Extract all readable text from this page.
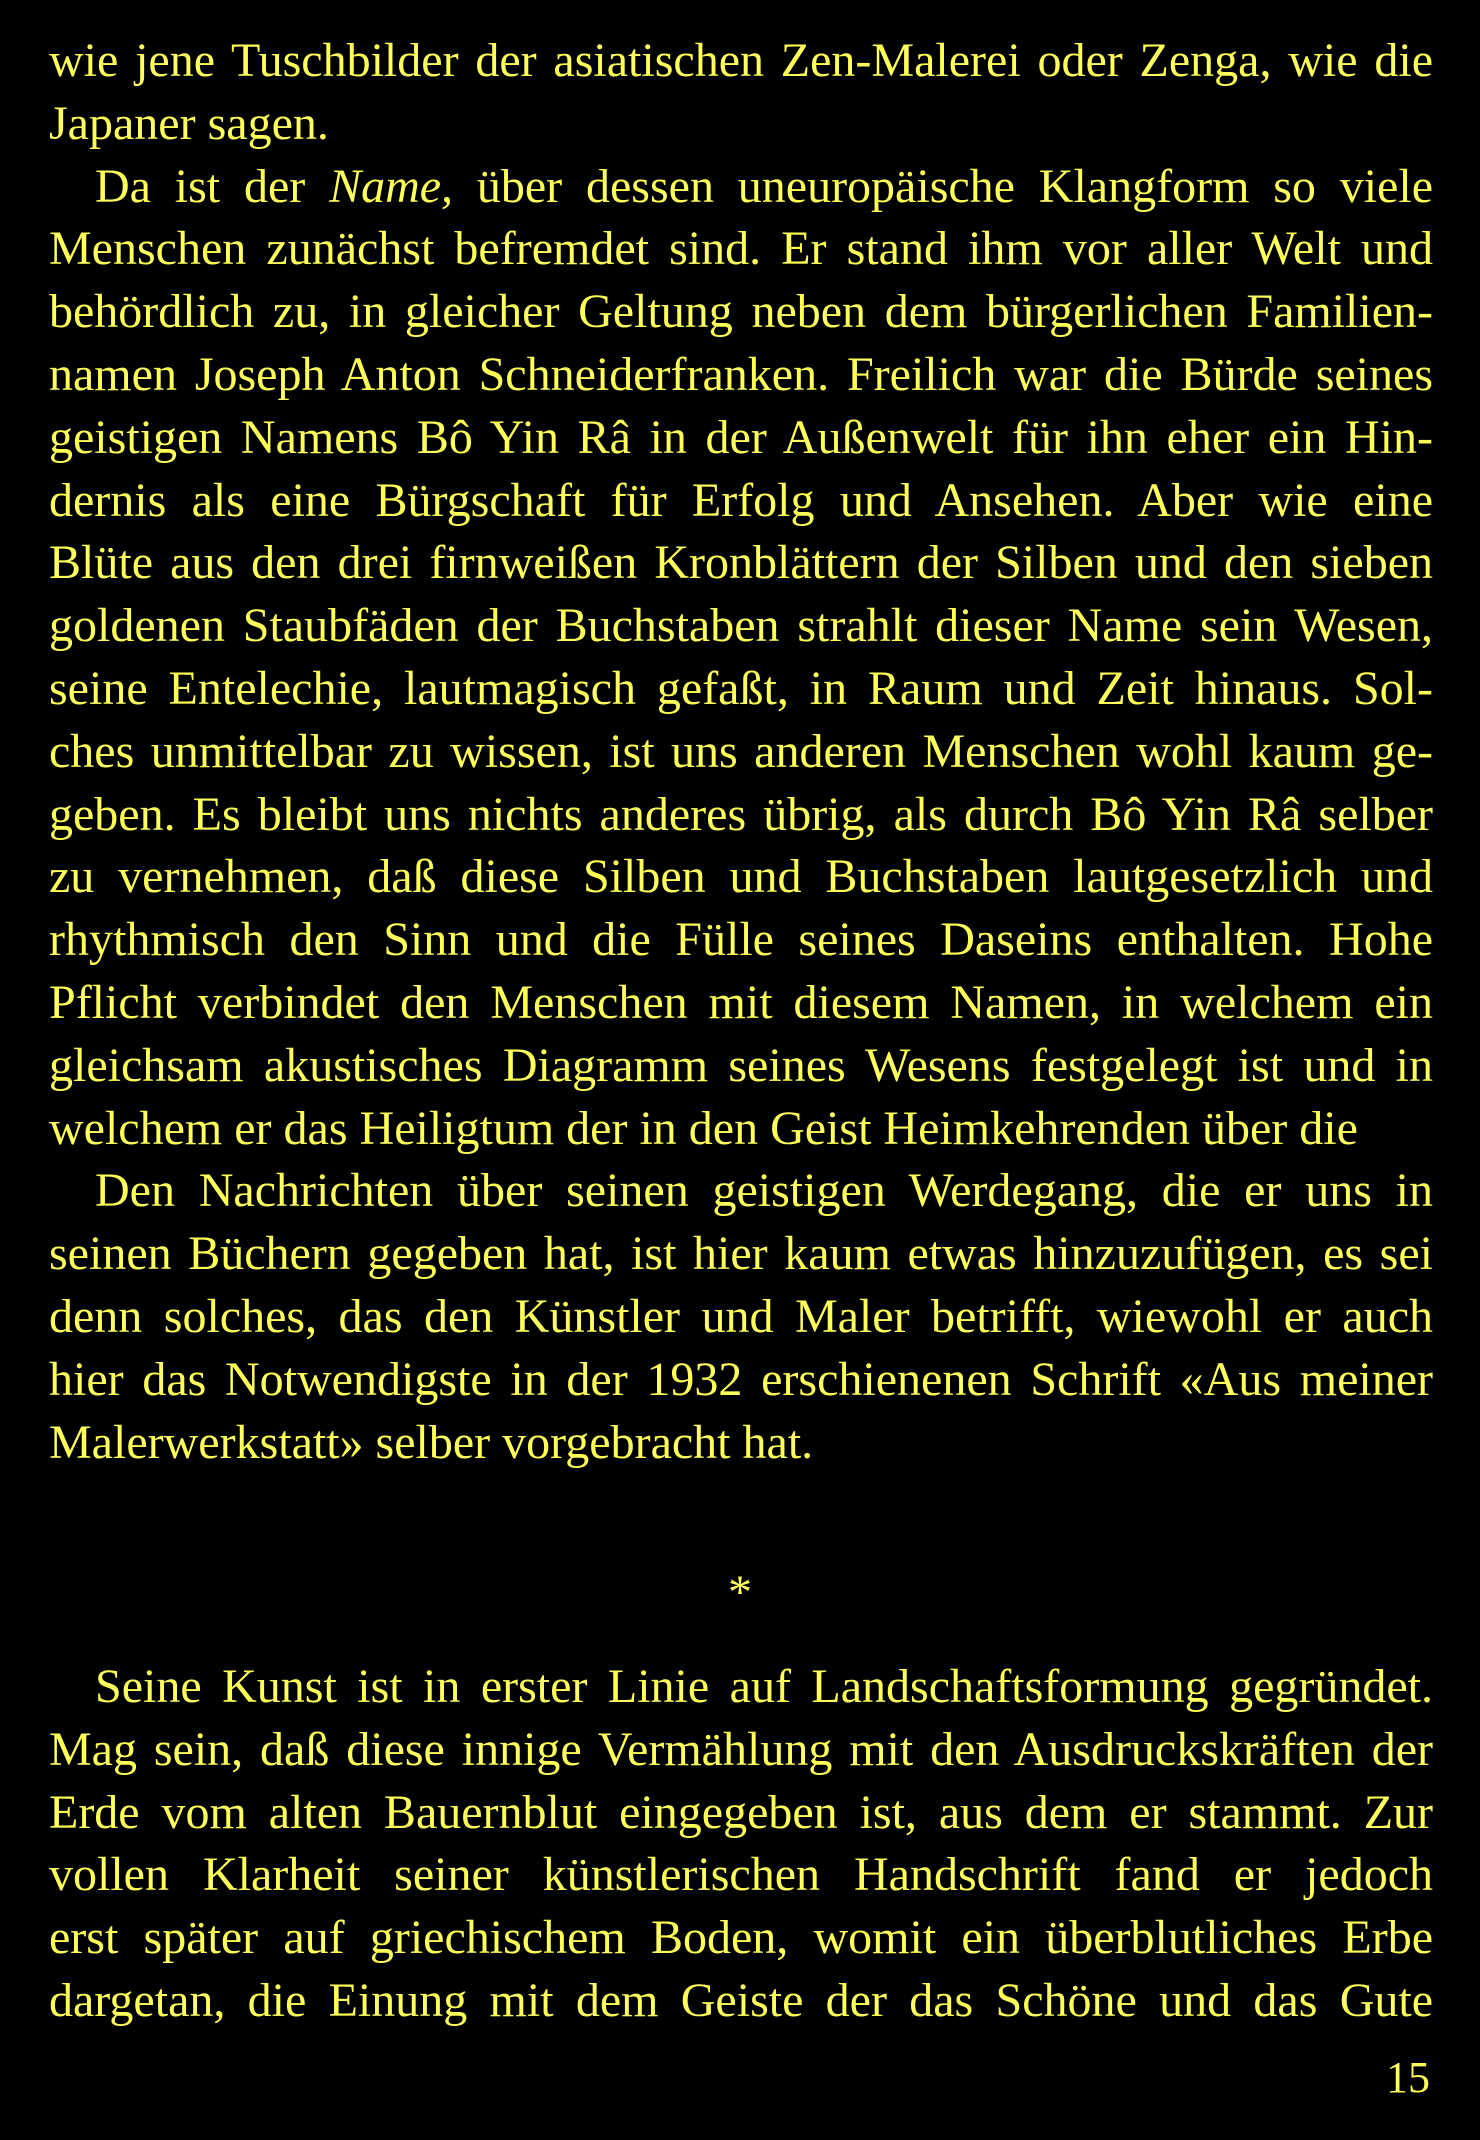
wie jene Tuschbilder der asiatischen Zen-Malerei oder Zenga, wie die
Japaner sagen.
Da ist der Name, über dessen uneuropäische Klangform so viele
Menschen zunächst befremdet sind. Er stand ihm vor aller Welt und
behördlich zu, in gleicher Geltung neben dem bürgerlichen Familien-
namen Joseph Anton Schneiderfranken. Freilich war die Bürde seines
geistigen Namens Bô Yin Râ in der Außenwelt für ihn eher ein Hin-
dernis als eine Bürgschaft für Erfolg und Ansehen. Aber wie eine
Blüte aus den drei firnweißen Kronblättern der Silben und den sieben
goldenen Staubfäden der Buchstaben strahlt dieser Name sein Wesen,
seine Entelechie, lautmagisch gefaßt, in Raum und Zeit hinaus. Sol-
ches unmittelbar zu wissen, ist uns anderen Menschen wohl kaum ge-
geben. Es bleibt uns nichts anderes übrig, als durch Bô Yin Râ selber
zu vernehmen, daß diese Silben und Buchstaben lautgesetzlich und
rhythmisch den Sinn und die Fülle seines Daseins enthalten. Hohe
Pflicht verbindet den Menschen mit diesem Namen, in welchem ein
gleichsam akustisches Diagramm seines Wesens festgelegt ist und in
welchem er das Heiligtum der in den Geist Heimkehrenden über die
Den Nachrichten über seinen geistigen Werdegang, die er uns in
seinen Büchern gegeben hat, ist hier kaum etwas hinzuzufügen, es sei
denn solches, das den Künstler und Maler betrifft, wiewohl er auch
hier das Notwendigste in der 1932 erschienenen Schrift «Aus meiner
Malerwerkstatt» selber vorgebracht hat.
*
Seine Kunst ist in erster Linie auf Landschaftsformung gegründet.
Mag sein, daß diese innige Vermählung mit den Ausdruckskräften der
Erde vom alten Bauernblut eingegeben ist, aus dem er stammt. Zur
vollen Klarheit seiner künstlerischen Handschrift fand er jedoch
erst später auf griechischem Boden, womit ein überblutliches Erbe
dargetan, die Einung mit dem Geiste der das Schöne und das Gute
15
